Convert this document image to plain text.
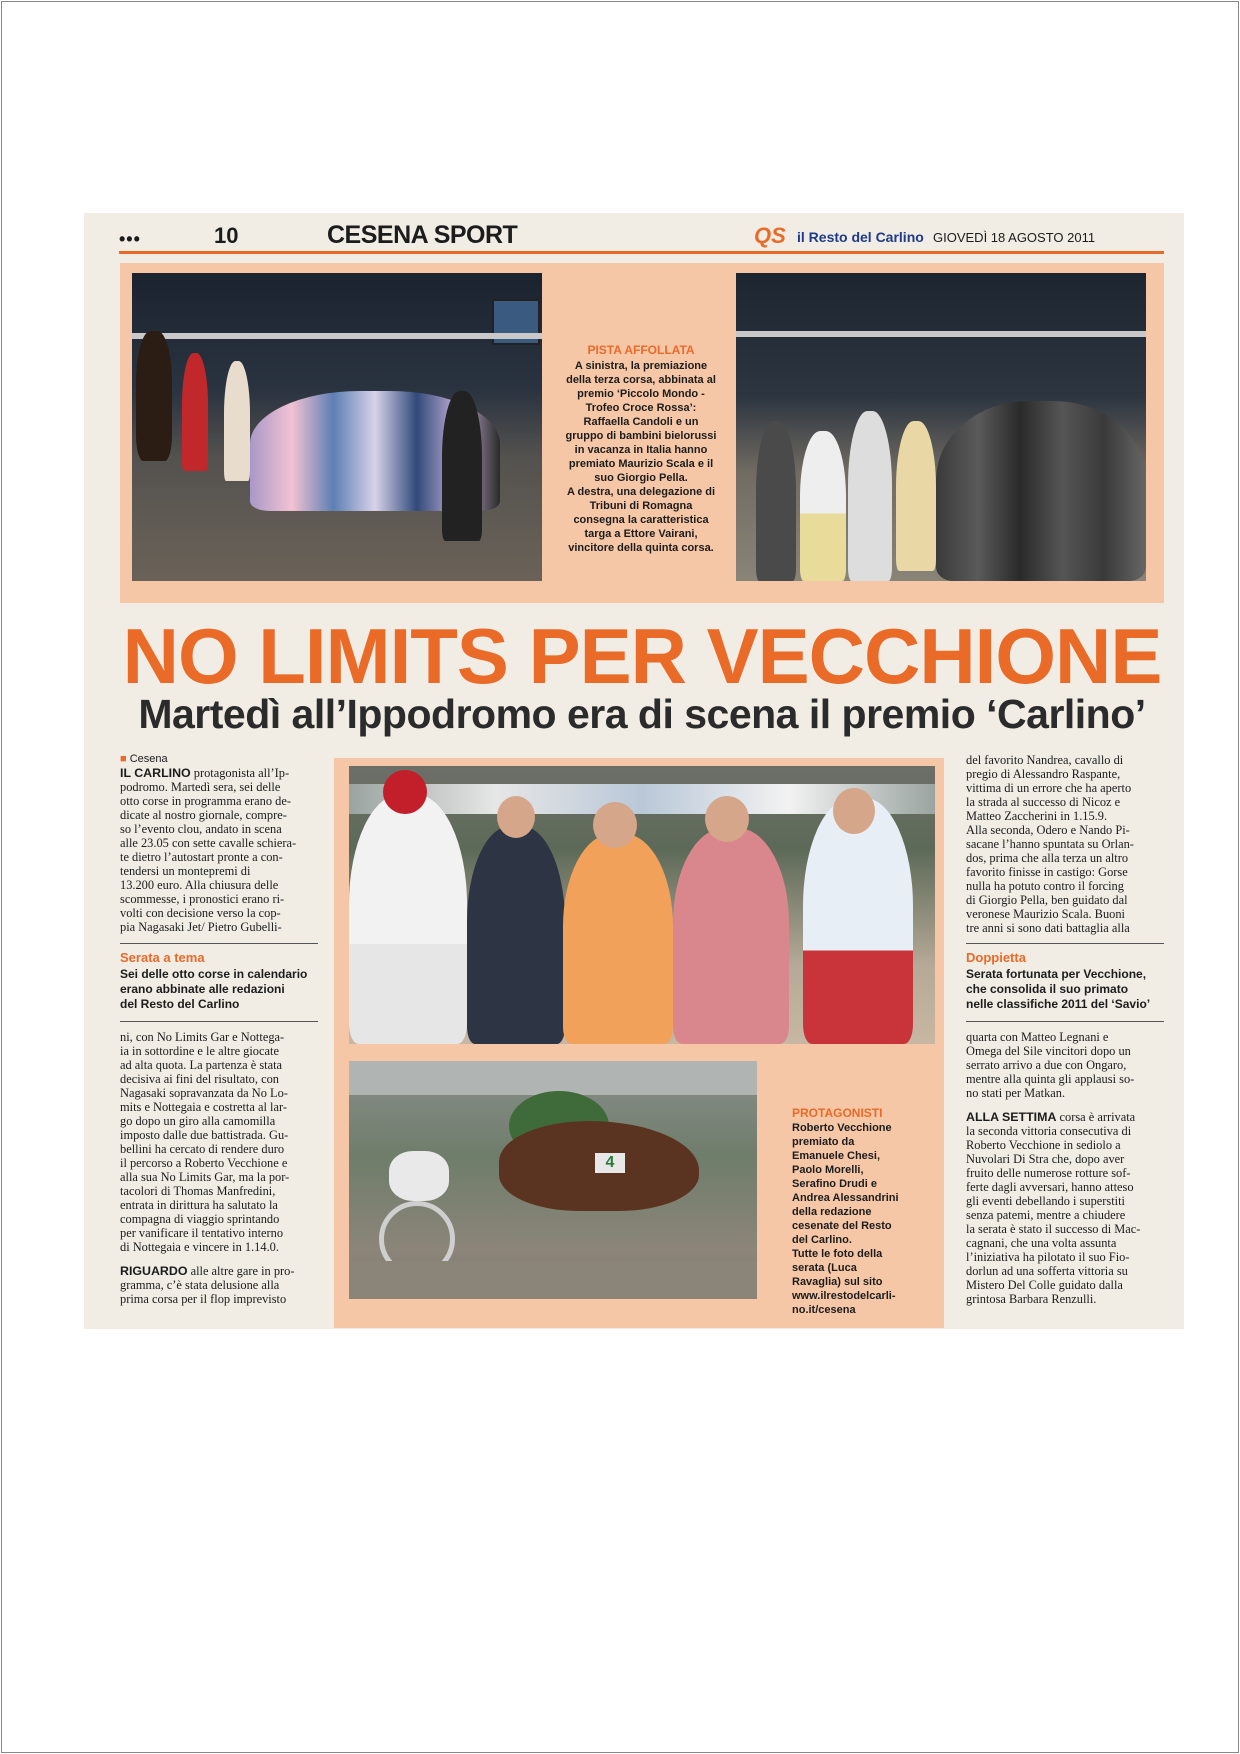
•••	10	CESENA SPORT	QS il Resto del Carlino GIOVEDÌ 18 AGOSTO 2011
PISTA AFFOLLATA
A sinistra, la premiazione
della terza corsa, abbinata al
premio ‘Piccolo Mondo -
Trofeo Croce Rossa’:
Raffaella Candoli e un
gruppo di bambini bielorussi
in vacanza in Italia hanno
premiato Maurizio Scala e il
suo Giorgio Pella.
A destra, una delegazione di
Tribuni di Romagna
consegna la caratteristica
targa a Ettore Vairani,
vincitore della quinta corsa.
NO LIMITS PER VECCHIONE
Martedì all’Ippodromo era di scena il premio ‘Carlino’
■ Cesena

IL CARLINO protagonista all’Ip-

podromo. Martedì sera, sei delle

otto corse in programma erano de-

dicate al nostro giornale, compre-

so l’evento clou, andato in scena

alle 23.05 con sette cavalle schiera-

te dietro l’autostart pronte a con-

tendersi un montepremi di

13.200 euro. Alla chiusura delle

scommesse, i pronostici erano ri-

volti con decisione verso la cop-

pia Nagasaki Jet/ Pietro Gubelli-

Serata a tema
Sei delle otto corse in calendario
erano abbinate alle redazioni
del Resto del Carlino

ni, con No Limits Gar e Nottega-

ia in sottordine e le altre giocate

ad alta quota. La partenza è stata

decisiva ai fini del risultato, con

Nagasaki sopravanzata da No Lo-

mits e Nottegaia e costretta al lar-

go dopo un giro alla camomilla

imposto dalle due battistrada. Gu-

bellini ha cercato di rendere duro

il percorso a Roberto Vecchione e

alla sua No Limits Gar, ma la por-

tacolori di Thomas Manfredini,

entrata in dirittura ha salutato la

compagna di viaggio sprintando

per vanificare il tentativo interno

di Nottegaia e vincere in 1.14.0.

RIGUARDO alle altre gare in pro-

gramma, c’è stata delusione alla

prima corsa per il flop imprevisto

4
PROTAGONISTI
Roberto Vecchione
premiato da
Emanuele Chesi,
Paolo Morelli,
Serafino Drudi e
Andrea Alessandrini
della redazione
cesenate del Resto
del Carlino.
Tutte le foto della
serata (Luca
Ravaglia) sul sito
www.ilrestodelcarli-
no.it/cesena

del favorito Nandrea, cavallo di

pregio di Alessandro Raspante,

vittima di un errore che ha aperto

la strada al successo di Nicoz e

Matteo Zaccherini in 1.15.9.

Alla seconda, Odero e Nando Pi-

sacane l’hanno spuntata su Orlan-

dos, prima che alla terza un altro

favorito finisse in castigo: Gorse

nulla ha potuto contro il forcing

di Giorgio Pella, ben guidato dal

veronese Maurizio Scala. Buoni

tre anni si sono dati battaglia alla

Doppietta
Serata fortunata per Vecchione,
che consolida il suo primato
nelle classifiche 2011 del ‘Savio’

quarta con Matteo Legnani e

Omega del Sile vincitori dopo un

serrato arrivo a due con Ongaro,

mentre alla quinta gli applausi so-

no stati per Matkan.

ALLA SETTIMA corsa è arrivata

la seconda vittoria consecutiva di

Roberto Vecchione in sediolo a

Nuvolari Di Stra che, dopo aver

fruito delle numerose rotture sof-

ferte dagli avversari, hanno atteso

gli eventi debellando i superstiti

senza patemi, mentre a chiudere

la serata è stato il successo di Mac-

cagnani, che una volta assunta

l’iniziativa ha pilotato il suo Fio-

dorlun ad una sofferta vittoria su

Mistero Del Colle guidato dalla

grintosa Barbara Renzulli.
